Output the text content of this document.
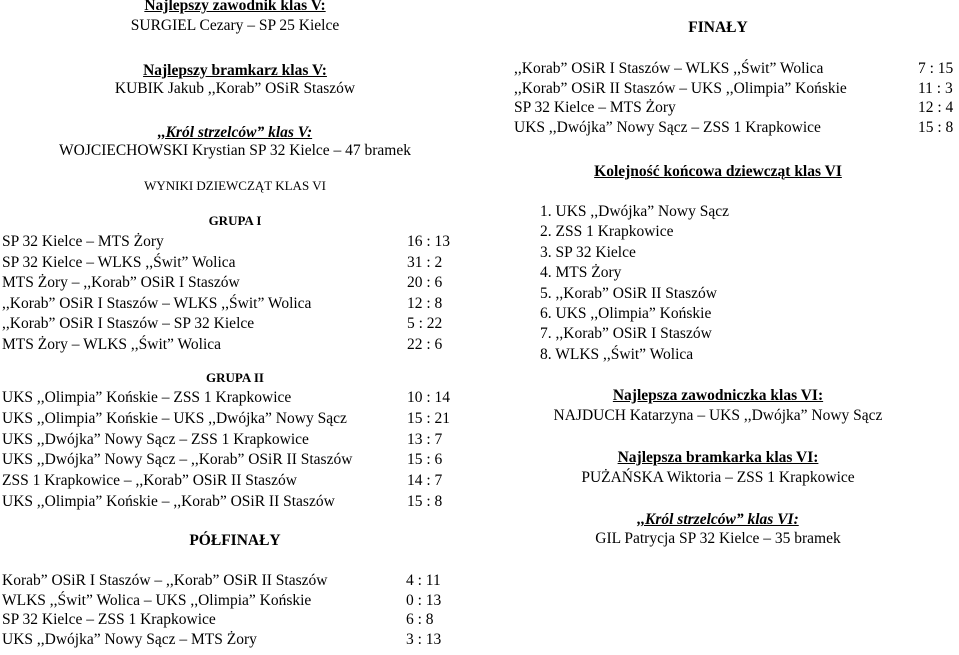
Najlepszy zawodnik klas V:
SURGIEL Cezary – SP 25 Kielce
Najlepszy bramkarz klas V:
KUBIK Jakub ,,Korab” OSiR Staszów
,,Król strzelców” klas V:
WOJCIECHOWSKI Krystian SP 32 Kielce – 47 bramek
WYNIKI DZIEWCZĄT KLAS VI
GRUPA I
SP 32 Kielce – MTS Żory	16 : 13
SP 32 Kielce – WLKS ,,Świt” Wolica	31 : 2
MTS Żory – ,,Korab” OSiR I Staszów	20 : 6
,,Korab” OSiR I Staszów – WLKS ,,Świt” Wolica	12 : 8
,,Korab” OSiR I Staszów – SP 32 Kielce	5 : 22
MTS Żory – WLKS ,,Świt” Wolica	22 : 6
GRUPA II
UKS ,,Olimpia” Końskie – ZSS 1 Krapkowice	10 : 14
UKS ,,Olimpia” Końskie – UKS ,,Dwójka” Nowy Sącz	15 : 21
UKS ,,Dwójka” Nowy Sącz – ZSS 1 Krapkowice	13 : 7
UKS ,,Dwójka” Nowy Sącz – ,,Korab” OSiR II Staszów	15 : 6
ZSS 1 Krapkowice – ,,Korab” OSiR II Staszów	14 : 7
UKS ,,Olimpia” Końskie – ,,Korab” OSiR II Staszów	15 : 8
PÓŁFINAŁY
Korab” OSiR I Staszów – ,,Korab” OSiR II Staszów	4 : 11
WLKS ,,Świt” Wolica – UKS ,,Olimpia” Końskie	0 : 13
SP 32 Kielce – ZSS 1 Krapkowice	6 : 8
UKS ,,Dwójka” Nowy Sącz – MTS Żory	3 : 13
FINAŁY
,,Korab” OSiR I Staszów – WLKS ,,Świt” Wolica	7 : 15
,,Korab” OSiR II Staszów – UKS ,,Olimpia” Końskie	11 : 3
SP 32 Kielce – MTS Żory	12 : 4
UKS ,,Dwójka” Nowy Sącz – ZSS 1 Krapkowice	15 : 8
Kolejność końcowa dziewcząt klas VI
1. UKS ,,Dwójka” Nowy Sącz
2. ZSS 1 Krapkowice
3. SP 32 Kielce
4. MTS Żory
5. ,,Korab” OSiR II Staszów
6. UKS ,,Olimpia” Końskie
7. ,,Korab” OSiR I Staszów
8. WLKS ,,Świt” Wolica
Najlepsza zawodniczka klas VI:
NAJDUCH Katarzyna – UKS ,,Dwójka” Nowy Sącz
Najlepsza bramkarka klas VI:
PUŻAŃSKA Wiktoria – ZSS 1 Krapkowice
,,Król strzelców” klas VI:
GIL Patrycja SP 32 Kielce – 35 bramek
